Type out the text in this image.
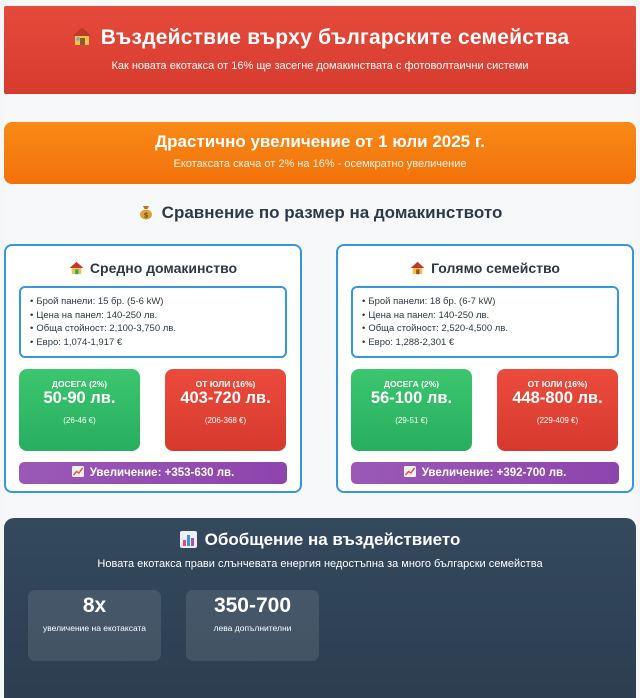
Въздействие върху българските семейства
Как новата екотакса от 16% ще засегне домакинствата с фотоволтаични системи
Драстично увеличение от 1 юли 2025 г.
Екотаксата скача от 2% на 16% - осемкратно увеличение
$ Сравнение по размер на домакинството
Средно домакинство
• Брой панели: 15 бр. (5-6 kW)
• Цена на панел: 140-250 лв.
• Обща стойност: 2,100-3,750 лв.
• Евро: 1,074-1,917 €
ДОСЕГА (2%)
50-90 лв.
(26-46 €)
ОТ ЮЛИ (16%)
403-720 лв.
(206-368 €)
Увеличение: +353-630 лв.
Голямо семейство
• Брой панели: 18 бр. (6-7 kW)
• Цена на панел: 140-250 лв.
• Обща стойност: 2,520-4,500 лв.
• Евро: 1,288-2,301 €
ДОСЕГА (2%)
56-100 лв.
(29-51 €)
ОТ ЮЛИ (16%)
448-800 лв.
(229-409 €)
Увеличение: +392-700 лв.
Обобщение на въздействието
Новата екотакса прави слънчевата енергия недостъпна за много български семейства
8x
увеличение на екотаксата
350-700
лева допълнителни
